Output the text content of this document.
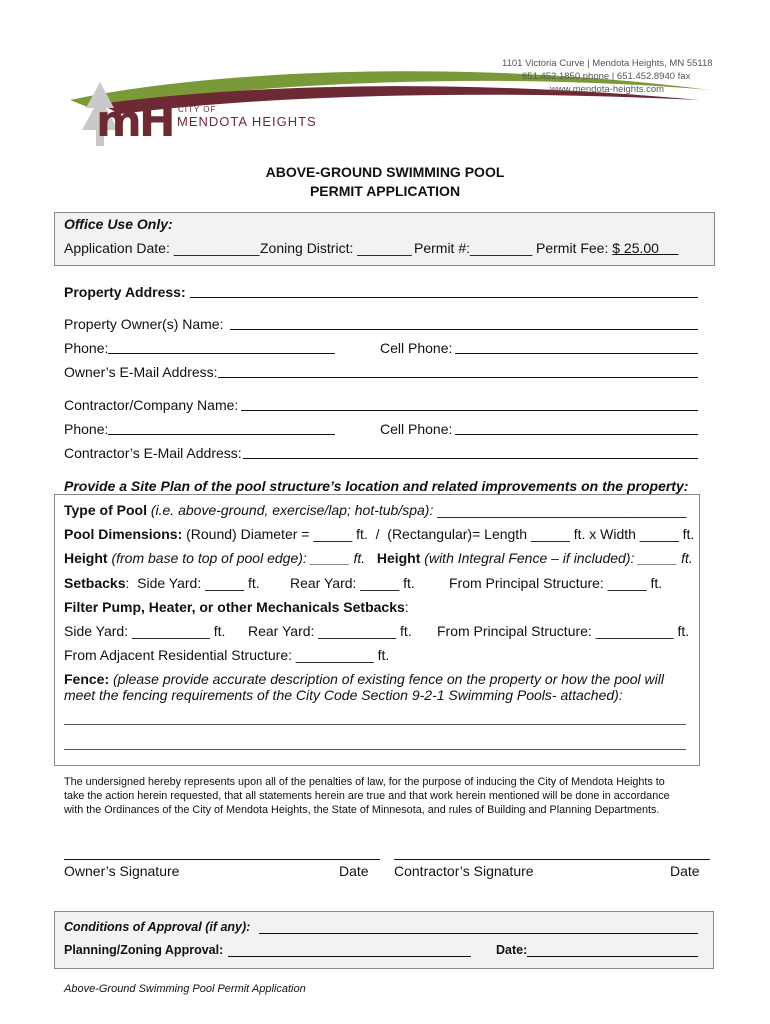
mH CITY OF
MENDOTA HEIGHTS
1101 Victoria Curve | Mendota Heights, MN 55118
651.452.1850 phone | 651.452.8940 fax
www.mendota-heights.com
ABOVE-GROUND SWIMMING POOL
PERMIT APPLICATION
Office Use Only:
Application Date: ___________ Zoning District: _______ Permit #:________ Permit Fee: $ 25.00
Property Address:
Property Owner(s) Name:
Phone:	Cell Phone:
Owner’s E-Mail Address:
Contractor/Company Name:
Phone:	Cell Phone:
Contractor’s E-Mail Address:
Provide a Site Plan of the pool structure’s location and related improvements on the property:
Type of Pool (i.e. above-ground, exercise/lap; hot-tub/spa): ________________________________
Pool Dimensions: (Round) Diameter = _____ ft.  /  (Rectangular)= Length _____ ft. x Width _____ ft.
Height (from base to top of pool edge): _____ ft.   Height (with Integral Fence – if included): _____ ft.
Setbacks:  Side Yard: _____ ft. Rear Yard: _____ ft. From Principal Structure: _____ ft.
Filter Pump, Heater, or other Mechanicals Setbacks:
Side Yard: __________ ft. Rear Yard: __________ ft. From Principal Structure: __________ ft.
From Adjacent Residential Structure: __________ ft.
Fence: (please provide accurate description of existing fence on the property or how the pool will
meet the fencing requirements of the City Code Section 9-2-1 Swimming Pools- attached):
The undersigned hereby represents upon all of the penalties of law, for the purpose of inducing the City of Mendota Heights to
take the action herein requested, that all statements herein are true and that work herein mentioned will be done in accordance
with the Ordinances of the City of Mendota Heights, the State of Minnesota, and rules of Building and Planning Departments.
Owner’s Signature	Date Contractor’s Signature	Date
Conditions of Approval (if any):
Planning/Zoning Approval:	Date:
Above-Ground Swimming Pool Permit Application
